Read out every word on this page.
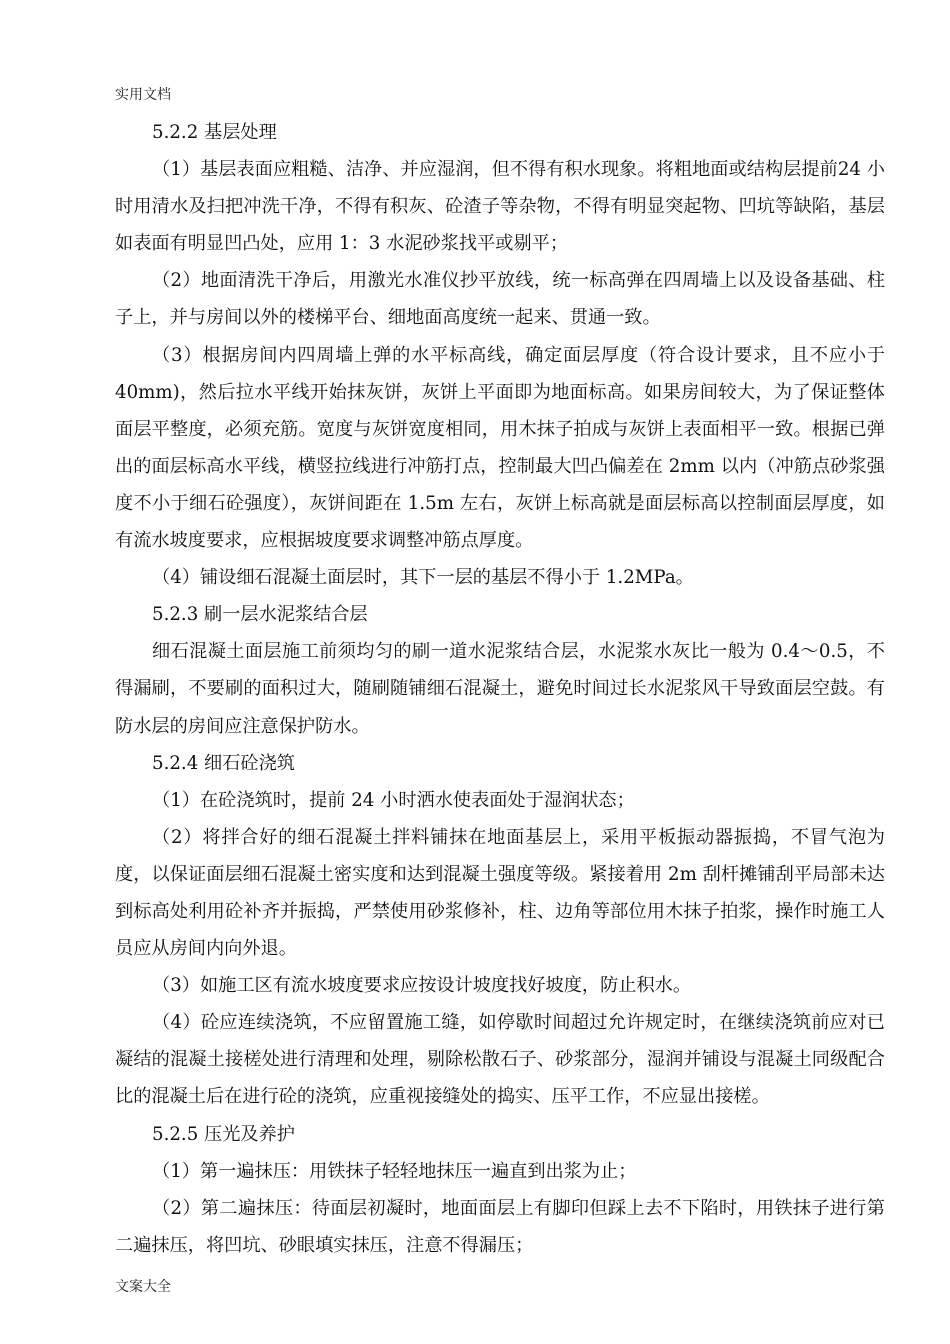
实用文档

5.2.2 基层处理

（1）基层表面应粗糙、洁净、并应湿润，但不得有积水现象。将粗地面或结构层提前24 小时用清水及扫把冲洗干净，不得有积灰、砼渣子等杂物，不得有明显突起物、凹坑等缺陷，基层如表面有明显凹凸处，应用 1：3 水泥砂浆找平或剔平；

（2）地面清洗干净后，用激光水准仪抄平放线，统一标高弹在四周墙上以及设备基础、柱子上，并与房间以外的楼梯平台、细地面高度统一起来、贯通一致。

（3）根据房间内四周墙上弹的水平标高线，确定面层厚度（符合设计要求，且不应小于 40mm)，然后拉水平线开始抹灰饼，灰饼上平面即为地面标高。如果房间较大，为了保证整体面层平整度，必须充筋。宽度与灰饼宽度相同，用木抹子拍成与灰饼上表面相平一致。根据已弹出的面层标高水平线，横竖拉线进行冲筋打点，控制最大凹凸偏差在 2mm 以内（冲筋点砂浆强度不小于细石砼强度），灰饼间距在 1.5m 左右，灰饼上标高就是面层标高以控制面层厚度，如有流水坡度要求，应根据坡度要求调整冲筋点厚度。

（4）铺设细石混凝土面层时，其下一层的基层不得小于 1.2MPa。

5.2.3 刷一层水泥浆结合层

细石混凝土面层施工前须均匀的刷一道水泥浆结合层，水泥浆水灰比一般为 0.4～0.5，不得漏刷，不要刷的面积过大，随刷随铺细石混凝土，避免时间过长水泥浆风干导致面层空鼓。有防水层的房间应注意保护防水。

5.2.4 细石砼浇筑

（1）在砼浇筑时，提前 24 小时洒水使表面处于湿润状态；

（2）将拌合好的细石混凝土拌料铺抹在地面基层上，采用平板振动器振捣，不冒气泡为度，以保证面层细石混凝土密实度和达到混凝土强度等级。紧接着用 2m 刮杆摊铺刮平局部未达到标高处利用砼补齐并振捣，严禁使用砂浆修补，柱、边角等部位用木抹子拍浆，操作时施工人员应从房间内向外退。

（3）如施工区有流水坡度要求应按设计坡度找好坡度，防止积水。

（4）砼应连续浇筑，不应留置施工缝，如停歇时间超过允许规定时，在继续浇筑前应对已凝结的混凝土接槎处进行清理和处理，剔除松散石子、砂浆部分，湿润并铺设与混凝土同级配合比的混凝土后在进行砼的浇筑，应重视接缝处的捣实、压平工作，不应显出接槎。

5.2.5 压光及养护

（1）第一遍抹压：用铁抹子轻轻地抹压一遍直到出浆为止；

（2）第二遍抹压：待面层初凝时，地面面层上有脚印但踩上去不下陷时，用铁抹子进行第二遍抹压，将凹坑、砂眼填实抹压，注意不得漏压；

文案大全
